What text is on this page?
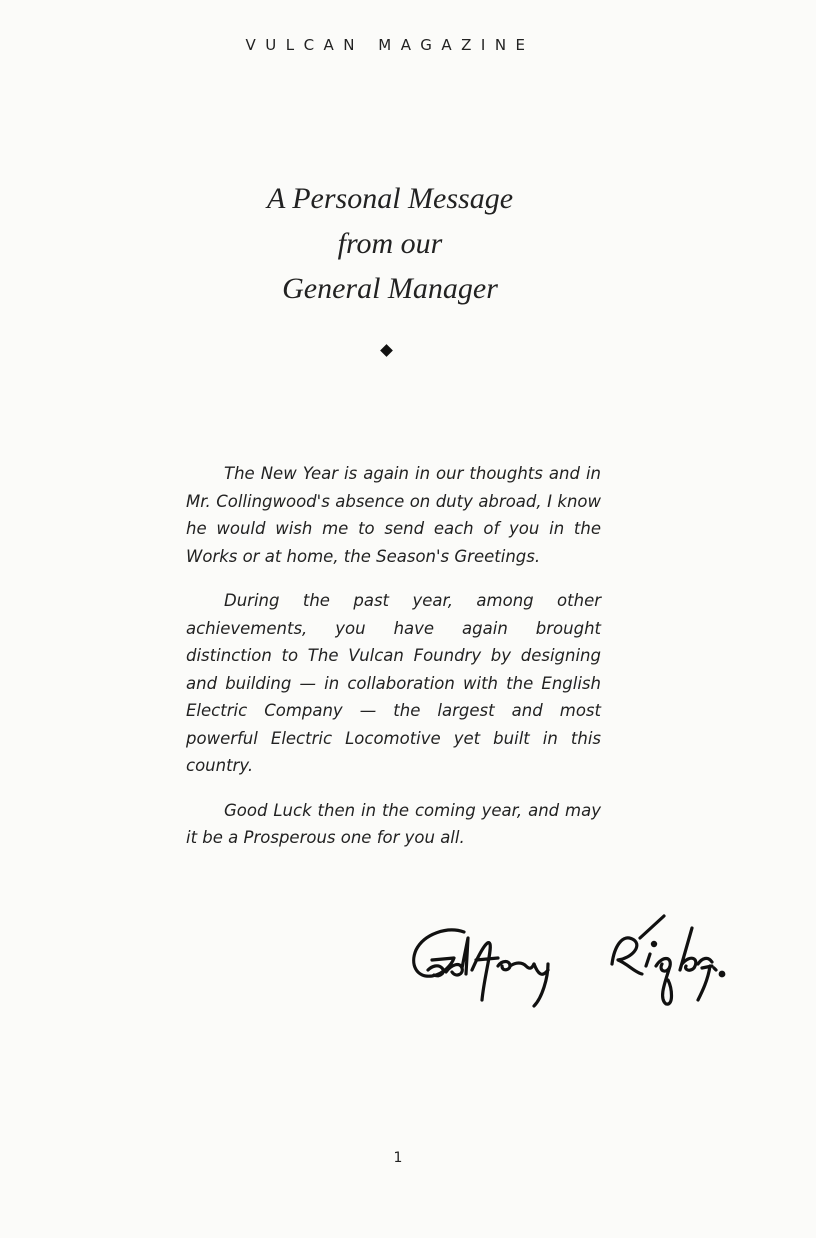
VULCAN MAGAZINE
A Personal Message
from our
General Manager

The New Year is again in our thoughts and in Mr. Collingwood's absence on duty abroad, I know he would wish me to send each of you in the Works or at home, the Season's Greetings.

During the past year, among other achievements, you have again brought distinction to The Vulcan Foundry by designing and building — in collaboration with the English Electric Company — the largest and most powerful Electric Locomotive yet built in this country.

Good Luck then in the coming year, and may it be a Prosperous one for you all.

1
